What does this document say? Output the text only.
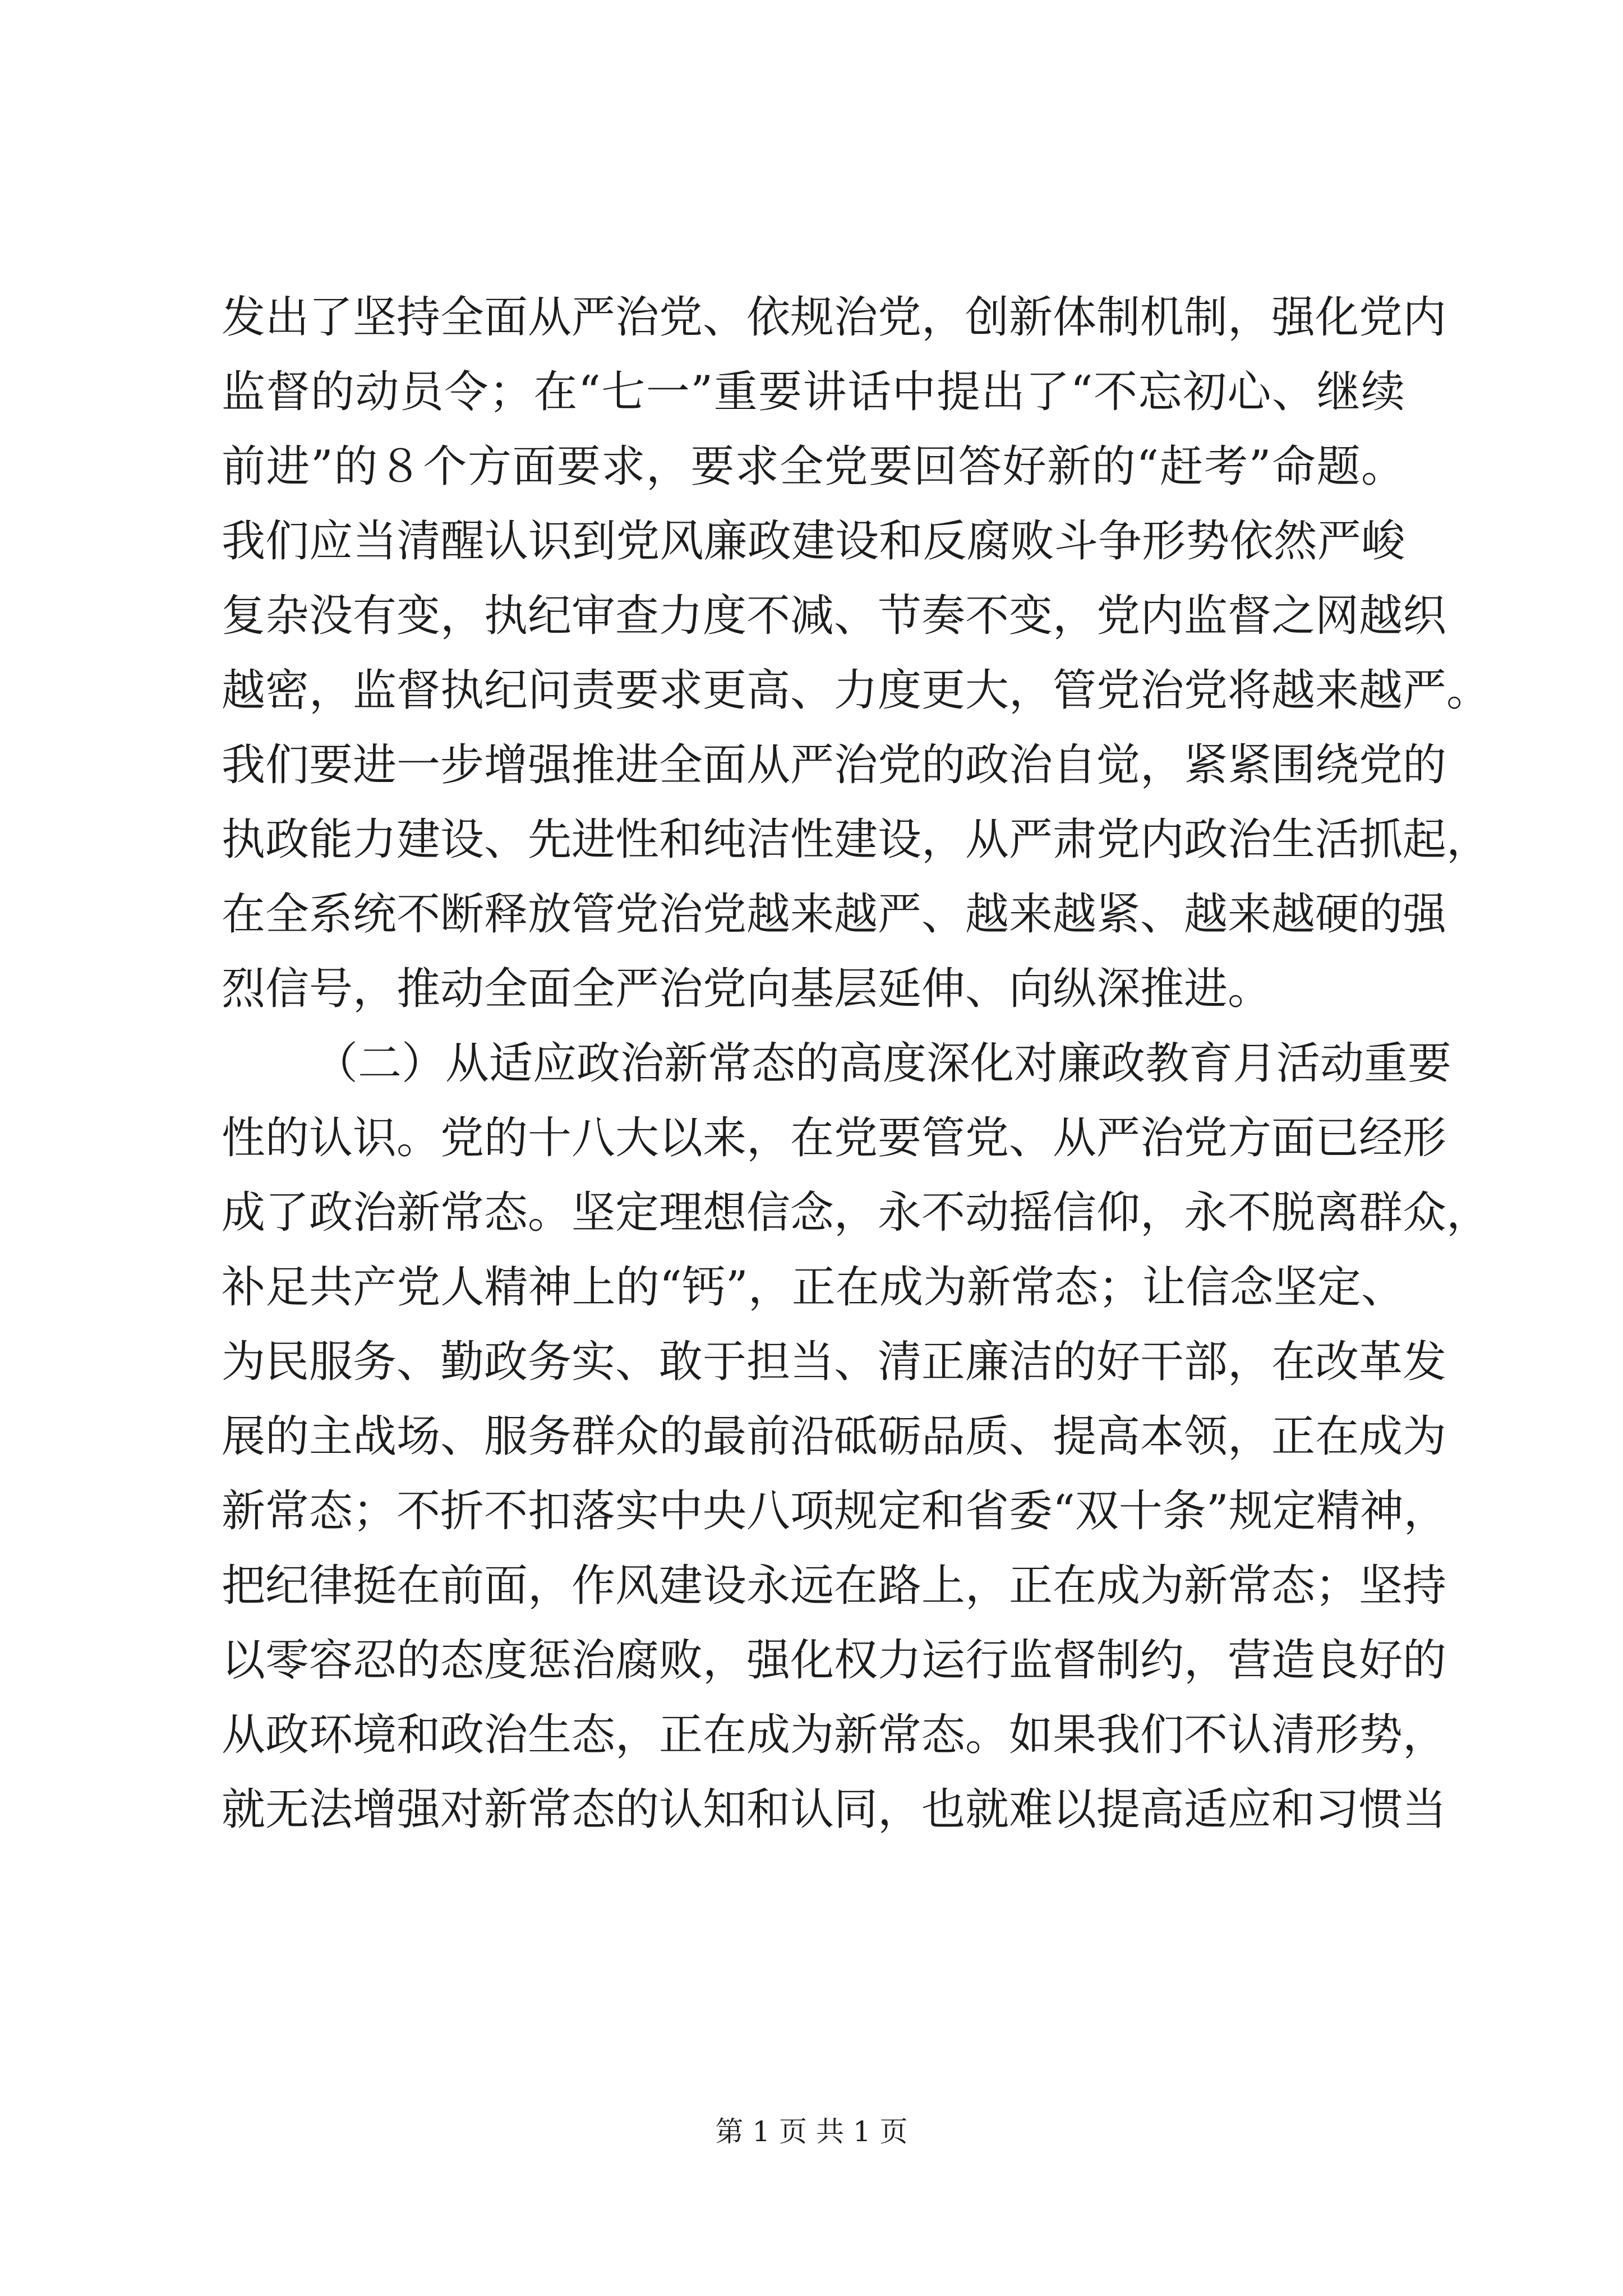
发出了坚持全面从严治党、依规治党，创新体制机制，强化党内
监督的动员令；在“七一”重要讲话中提出了“不忘初心、继续
前进”的８个方面要求，要求全党要回答好新的“赶考”命题。
我们应当清醒认识到党风廉政建设和反腐败斗争形势依然严峻
复杂没有变，执纪审查力度不减、节奏不变，党内监督之网越织
越密，监督执纪问责要求更高、力度更大，管党治党将越来越严。
我们要进一步增强推进全面从严治党的政治自觉，紧紧围绕党的
执政能力建设、先进性和纯洁性建设，从严肃党内政治生活抓起，
在全系统不断释放管党治党越来越严、越来越紧、越来越硬的强
烈信号，推动全面全严治党向基层延伸、向纵深推进。
（二）从适应政治新常态的高度深化对廉政教育月活动重要
性的认识。党的十八大以来，在党要管党、从严治党方面已经形
成了政治新常态。坚定理想信念，永不动摇信仰，永不脱离群众，
补足共产党人精神上的“钙”，正在成为新常态；让信念坚定、
为民服务、勤政务实、敢于担当、清正廉洁的好干部，在改革发
展的主战场、服务群众的最前沿砥砺品质、提高本领，正在成为
新常态；不折不扣落实中央八项规定和省委“双十条”规定精神，
把纪律挺在前面，作风建设永远在路上，正在成为新常态；坚持
以零容忍的态度惩治腐败，强化权力运行监督制约，营造良好的
从政环境和政治生态，正在成为新常态。如果我们不认清形势，
就无法增强对新常态的认知和认同，也就难以提高适应和习惯当
第 1 页 共 1 页
